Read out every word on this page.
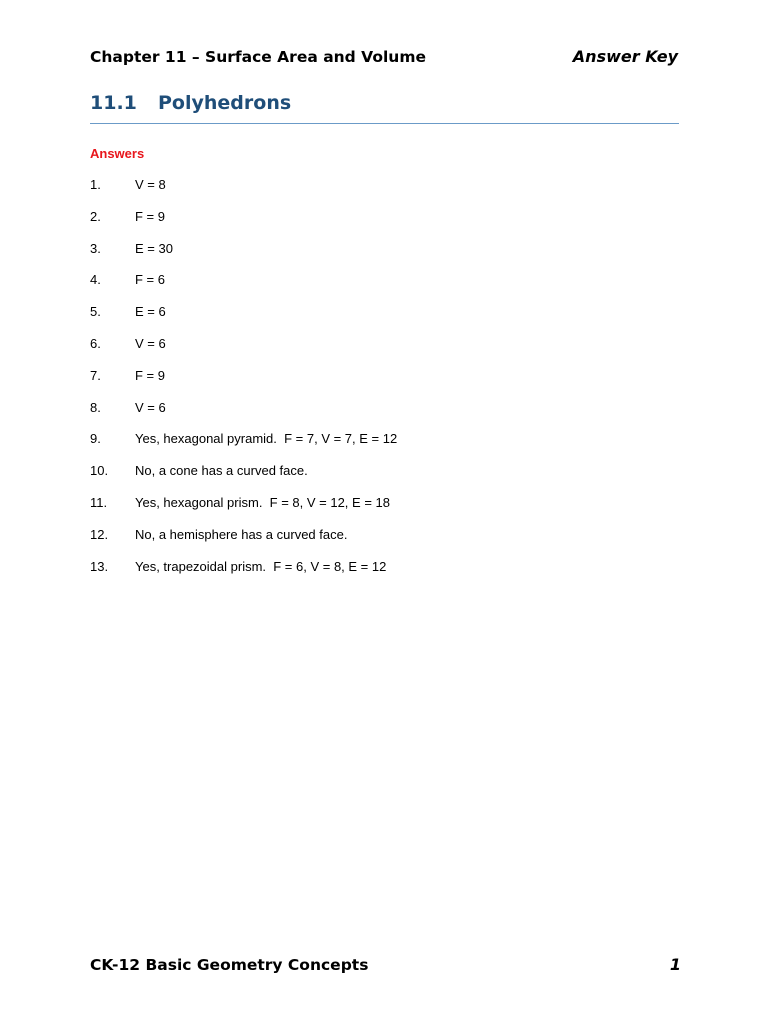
Chapter 11 – Surface Area and Volume	Answer Key
11.1 Polyhedrons
Answers
1.	V = 8
2.	F = 9
3.	E = 30
4.	F = 6
5.	E = 6
6.	V = 6
7.	F = 9
8.	V = 6
9.	Yes, hexagonal pyramid.  F = 7, V = 7, E = 12
10.	No, a cone has a curved face.
11.	Yes, hexagonal prism.  F = 8, V = 12, E = 18
12.	No, a hemisphere has a curved face.
13.	Yes, trapezoidal prism.  F = 6, V = 8, E = 12
CK-12 Basic Geometry Concepts	1
